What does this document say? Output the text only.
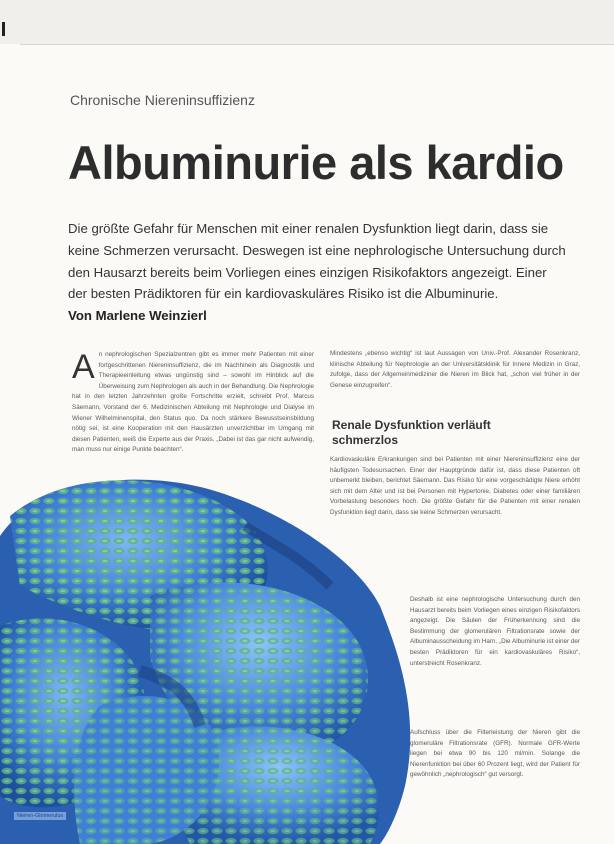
Chronische Niereninsuffizienz
Albuminurie als kardio
Die größte Gefahr für Menschen mit einer renalen Dysfunktion liegt darin, dass sie keine Schmerzen verursacht. Deswegen ist eine nephrologische Untersuchung durch den Hausarzt bereits beim Vorliegen eines einzigen Risikofaktors angezeigt. Einer der besten Prädiktoren für ein kardiovaskuläres Risiko ist die Albuminurie.
Von Marlene Weinzierl
A n nephrologischen Spezialzentren gibt es immer mehr Patienten mit einer fortgeschrittenen Niereninsuffizienz, die im Nachhinein als Diagnostik und Therapieeinleitung etwas ungünstig sind – sowohl im Hinblick auf die Überweisung zum Nephrologen als auch in der Behandlung. Die Nephrologie hat in den letzten Jahrzehnten große Fortschritte erzielt, schreibt Prof. Marcus Säemann, Vorstand der 6. Medizinischen Abteilung mit Nephrologie und Dialyse im Wiener Wilhelminenspital, den Status quo. Da noch stärkere Bewusstseinsbildung nötig sei, ist eine Kooperation mit den Hausärzten unverzichtbar im Umgang mit diesen Patienten, weiß die Experte aus der Praxis. „Dabei ist das gar nicht aufwendig, man muss nur einige Punkte beachten“.

Mindestens „ebenso wichtig“ ist laut Aussagen von Univ.-Prof. Alexander Rosenkranz, klinische Abteilung für Nephrologie an der Universitätsklinik für Innere Medizin in Graz, zufolge, dass der Allgemeinmediziner die Nieren im Blick hat, „schon viel früher in der Genese einzugreifen“.

Renale Dysfunktion verläuft schmerzlos

Kardiovaskuläre Erkrankungen sind bei Patienten mit einer Niereninsuffizienz eine der häufigsten Todesursachen. Einer der Hauptgründe dafür ist, dass diese Patienten oft unbemerkt bleiben, berichtet Säemann. Das Risiko für eine vorgeschädigte Niere erhöht sich mit dem Alter und ist bei Personen mit Hypertonie, Diabetes oder einer familiären Vorbelastung besonders hoch. Die größte Gefahr für die Patienten mit einer renalen Dysfunktion liegt darin, dass sie keine Schmerzen verursacht.

Deshalb ist eine nephrologische Untersuchung durch den Hausarzt bereits beim Vorliegen eines einzigen Risikofaktors angezeigt. Die Säulen der Früherkennung sind die Bestimmung der glomerulären Filtrationsrate sowie der Albuminausscheidung im Harn. „Die Albuminurie ist einer der besten Prädiktoren für ein kardiovaskuläres Risiko“, unterstreicht Rosenkranz.

Aufschluss über die Filterleistung der Nieren gibt die glomeruläre Filtrationsrate (GFR). Normale GFR-Werte liegen bei etwa 90 bis 120 ml/min. Solange die Nierenfunktion bei über 60 Prozent liegt, wird der Patient für gewöhnlich „nephrologisch“ gut versorgt.

Nieren-Glomerulus
